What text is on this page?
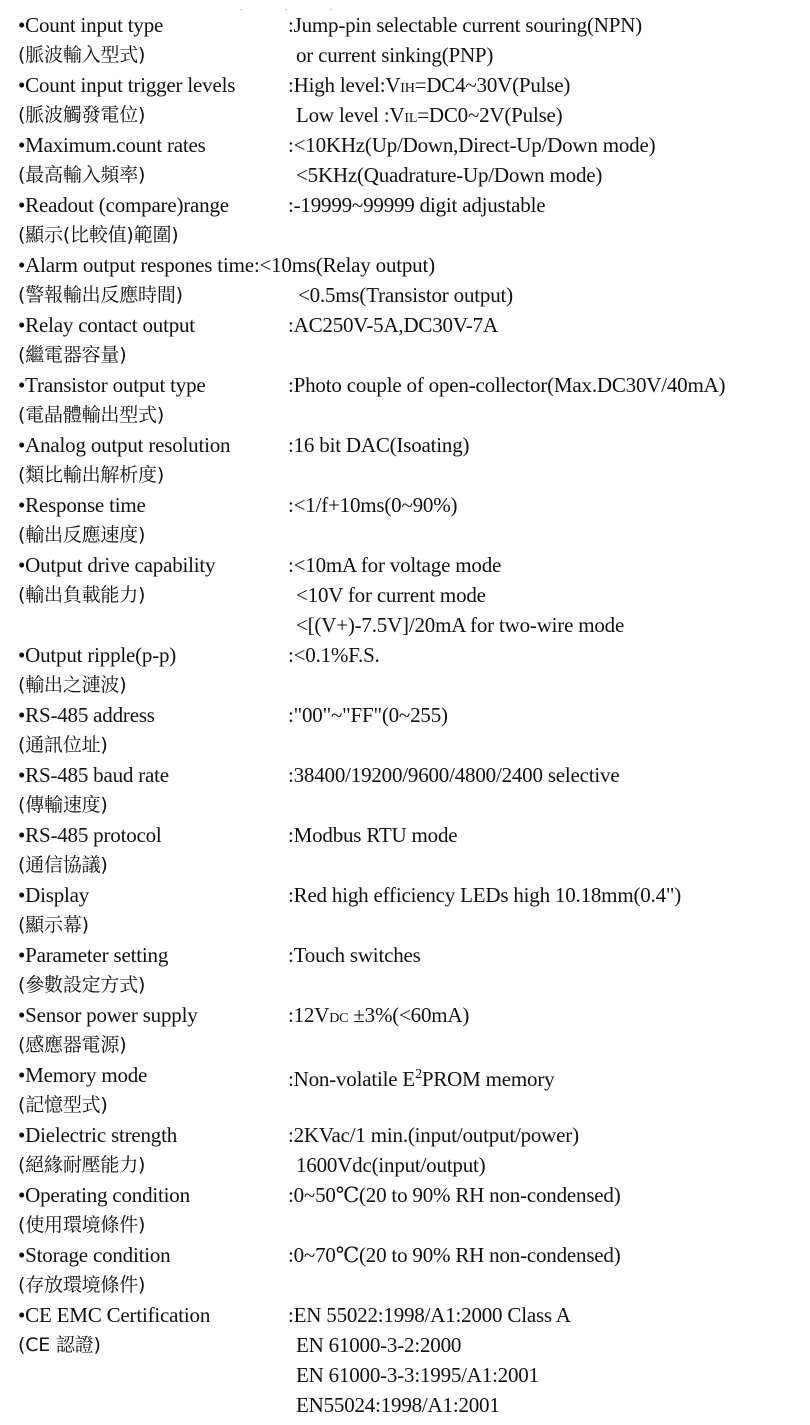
. . .
• Count input type
(脈波輸入型式)
:Jump-pin selectable current souring(NPN)
or current sinking(PNP)
• Count input trigger levels
(脈波觸發電位)
:High level:VIH=DC4~30V(Pulse)
Low level :VIL=DC0~2V(Pulse)
• Maximum.count rates
(最高輸入頻率)
:<10KHz(Up/Down,Direct-Up/Down mode)
<5KHz(Quadrature-Up/Down mode)
• Readout (compare)range
(顯示(比較值)範圍)
:-19999~99999 digit adjustable
• Alarm output respones time: <10ms(Relay output)
(警報輸出反應時間)	<0.5ms(Transistor output)
• Relay contact output
(繼電器容量)
:AC250V-5A,DC30V-7A
• Transistor output type
(電晶體輸出型式)
:Photo couple of open-collector(Max.DC30V/40mA)
• Analog output resolution
(類比輸出解析度)
:16 bit DAC(Isoating)
• Response time
(輸出反應速度)
:<1/f+10ms(0~90%)
• Output drive capability
(輸出負載能力)
:<10mA for voltage mode
<10V for current mode
<[(V+)-7.5V]/20mA for two-wire mode
• Output ripple(p-p)
(輸出之漣波)
:<0.1%F.S.
• RS-485 address
(通訊位址)
:"00"~"FF"(0~255)
• RS-485 baud rate
(傳輸速度)
:38400/19200/9600/4800/2400 selective
• RS-485 protocol
(通信協議)
:Modbus RTU mode
• Display
(顯示幕)
:Red high efficiency LEDs high 10.18mm(0.4")
• Parameter setting
(參數設定方式)
:Touch switches
• Sensor power supply
(感應器電源)
:12VDC ±3%(<60mA)
• Memory mode
(記憶型式)
:Non-volatile $E^2PROM$ memory
• Dielectric strength
(絕緣耐壓能力)
:2KVac/1 min.(input/output/power)
1600Vdc(input/output)
• Operating condition
(使用環境條件)
:0~50℃(20 to 90% RH non-condensed)
• Storage condition
(存放環境條件)
:0~70℃(20 to 90% RH non-condensed)
• CE EMC Certification
(CE 認證)
:EN 55022:1998/A1:2000 Class A
EN 61000-3-2:2000
EN 61000-3-3:1995/A1:2001
EN55024:1998/A1:2001
